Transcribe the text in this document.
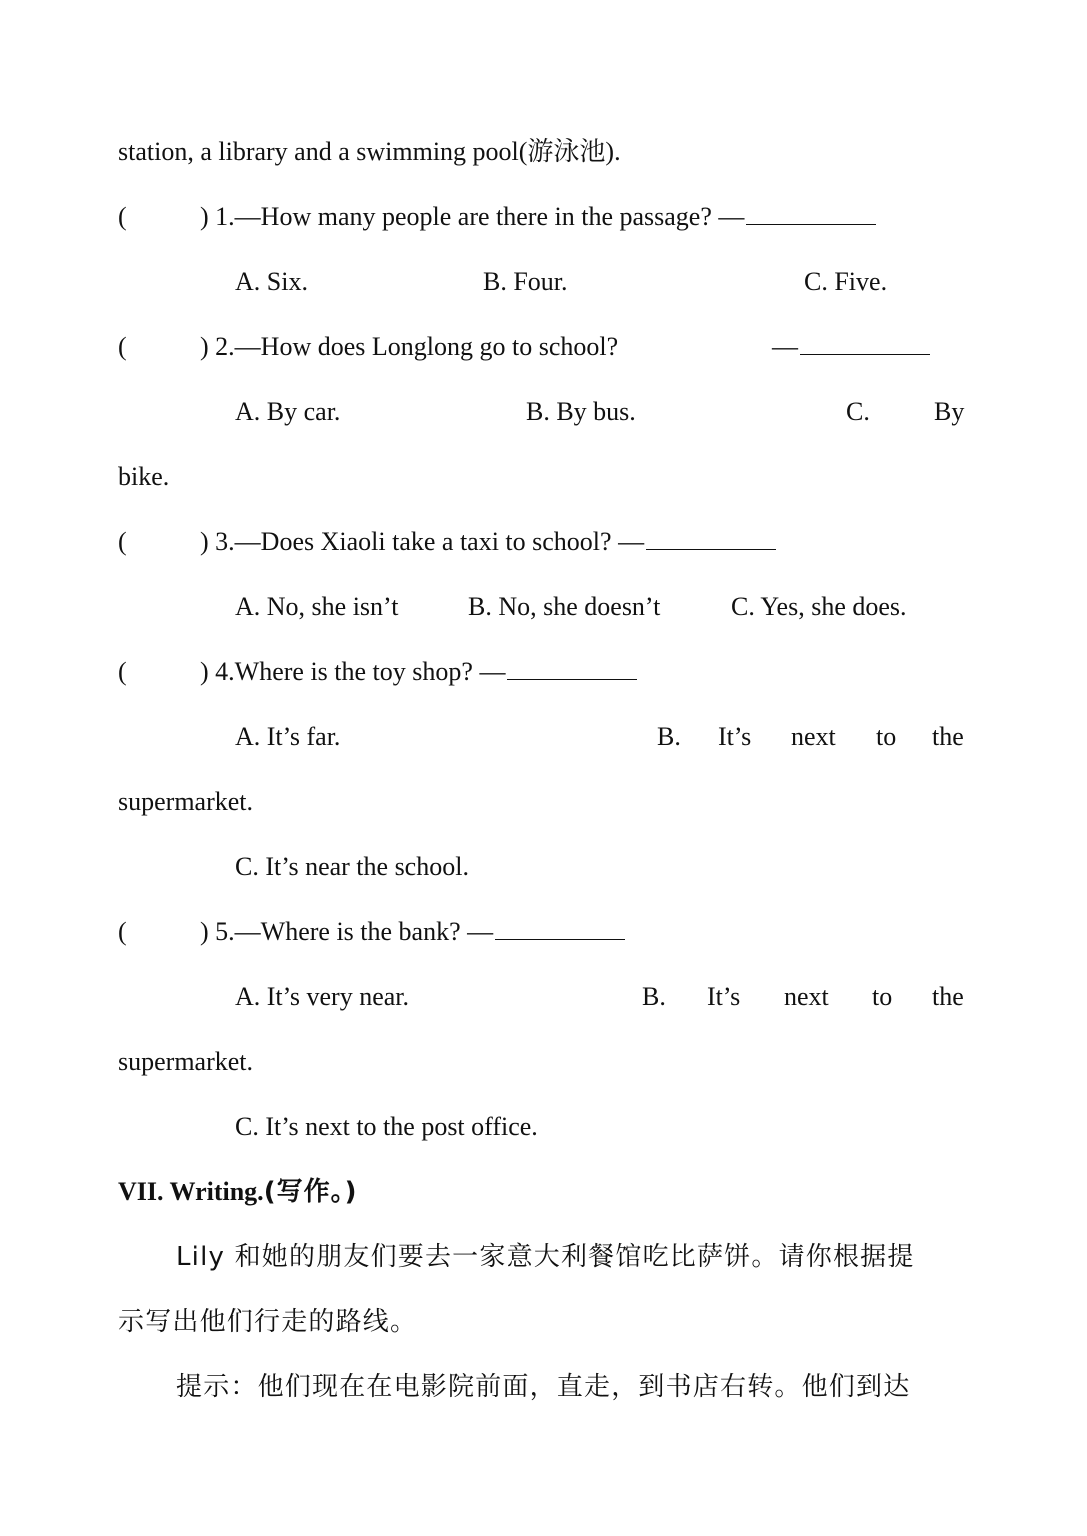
station, a library and a swimming pool(游泳池).
(	) 1.—How many people are there in the passage? —
A. Six.	B. Four.	C. Five.
(	) 2.—How does Longlong go to school?	—
A. By car.	B. By bus.	C. By
bike.
(	) 3.—Does Xiaoli take a taxi to school? —
A. No, she isn’t	B. No, she doesn’t	C. Yes, she does.
(	) 4.Where is the toy shop? —
A. It’s far.	B. It’s next to the
supermarket.
C. It’s near the school.
(	) 5.—Where is the bank? —
A. It’s very near.	B. It’s next to the
supermarket.
C. It’s next to the post office.
VII. Writing.(写作。)
Lily 和她的朋友们要去一家意大利餐馆吃比萨饼。请你根据提
示写出他们行走的路线。
提示：他们现在在电影院前面，直走，到书店右转。他们到达
